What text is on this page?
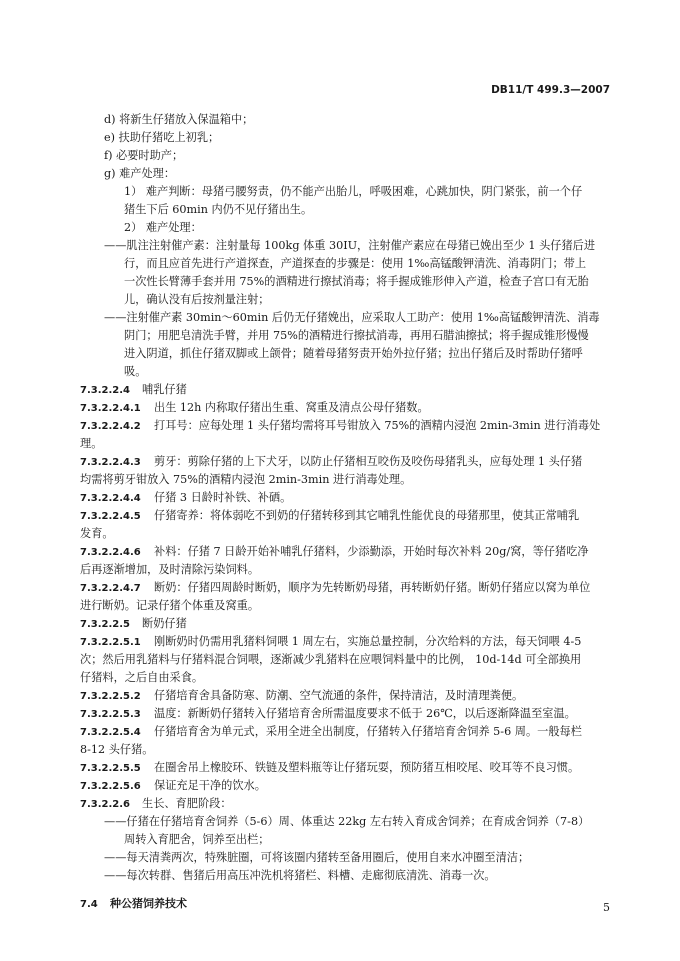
DB11/T 499.3—2007
d) 将新生仔猪放入保温箱中；
e) 扶助仔猪吃上初乳；
f) 必要时助产；
g) 难产处理：
1） 难产判断：母猪弓腰努责，仍不能产出胎儿，呼吸困难，心跳加快，阴门紧张，前一个仔
猪生下后 60min 内仍不见仔猪出生。
2） 难产处理：
——肌注注射催产素：注射量每 100kg 体重 30IU，注射催产素应在母猪已娩出至少 1 头仔猪后进
行，而且应首先进行产道探查，产道探查的步骤是：使用 1‰高锰酸钾清洗、消毒阴门；带上
一次性长臂薄手套并用 75%的酒精进行擦拭消毒；将手握成锥形伸入产道，检查子宫口有无胎
儿，确认没有后按剂量注射；
——注射催产素 30min～60min 后仍无仔猪娩出，应采取人工助产：使用 1‰高锰酸钾清洗、消毒
阴门；用肥皂清洗手臂，并用 75%的酒精进行擦拭消毒，再用石腊油擦拭；将手握成锥形慢慢
进入阴道，抓住仔猪双脚或上颌骨；随着母猪努责开始外拉仔猪；拉出仔猪后及时帮助仔猪呼
吸。
7.3.2.2.4 哺乳仔猪
7.3.2.2.4.1 出生 12h 内称取仔猪出生重、窝重及清点公母仔猪数。
7.3.2.2.4.2 打耳号：应每处理 1 头仔猪均需将耳号钳放入 75%的酒精内浸泡 2min-3min 进行消毒处
理。
7.3.2.2.4.3 剪牙：剪除仔猪的上下犬牙，以防止仔猪相互咬伤及咬伤母猪乳头，应每处理 1 头仔猪
均需将剪牙钳放入 75%的酒精内浸泡 2min-3min 进行消毒处理。
7.3.2.2.4.4 仔猪 3 日龄时补铁、补硒。
7.3.2.2.4.5 仔猪寄养：将体弱吃不到奶的仔猪转移到其它哺乳性能优良的母猪那里，使其正常哺乳
发育。
7.3.2.2.4.6 补料：仔猪 7 日龄开始补哺乳仔猪料，少添勤添，开始时每次补料 20g/窝，等仔猪吃净
后再逐渐增加，及时清除污染饲料。
7.3.2.2.4.7 断奶：仔猪四周龄时断奶，顺序为先转断奶母猪，再转断奶仔猪。断奶仔猪应以窝为单位
进行断奶。记录仔猪个体重及窝重。
7.3.2.2.5 断奶仔猪
7.3.2.2.5.1 刚断奶时仍需用乳猪料饲喂 1 周左右，实施总量控制，分次给料的方法，每天饲喂 4-5
次；然后用乳猪料与仔猪料混合饲喂，逐渐减少乳猪料在应喂饲料量中的比例， 10d-14d 可全部换用
仔猪料，之后自由采食。
7.3.2.2.5.2 仔猪培育舍具备防寒、防潮、空气流通的条件，保持清洁，及时清理粪便。
7.3.2.2.5.3 温度：新断奶仔猪转入仔猪培育舍所需温度要求不低于 26℃，以后逐渐降温至室温。
7.3.2.2.5.4 仔猪培育舍为单元式，采用全进全出制度，仔猪转入仔猪培育舍饲养 5-6 周。一般每栏
8-12 头仔猪。
7.3.2.2.5.5 在圈舍吊上橡胶环、铁链及塑料瓶等让仔猪玩耍，预防猪互相咬尾、咬耳等不良习惯。
7.3.2.2.5.6 保证充足干净的饮水。
7.3.2.2.6 生长、育肥阶段：
——仔猪在仔猪培育舍饲养（5-6）周、体重达 22kg 左右转入育成舍饲养；在育成舍饲养（7-8）
周转入育肥舍，饲养至出栏；
——每天清粪两次，特殊脏圈，可将该圈内猪转至备用圈后，使用自来水冲圈至清洁；
——每次转群、售猪后用高压冲洗机将猪栏、料槽、走廊彻底清洗、消毒一次。
7.4 种公猪饲养技术	5
